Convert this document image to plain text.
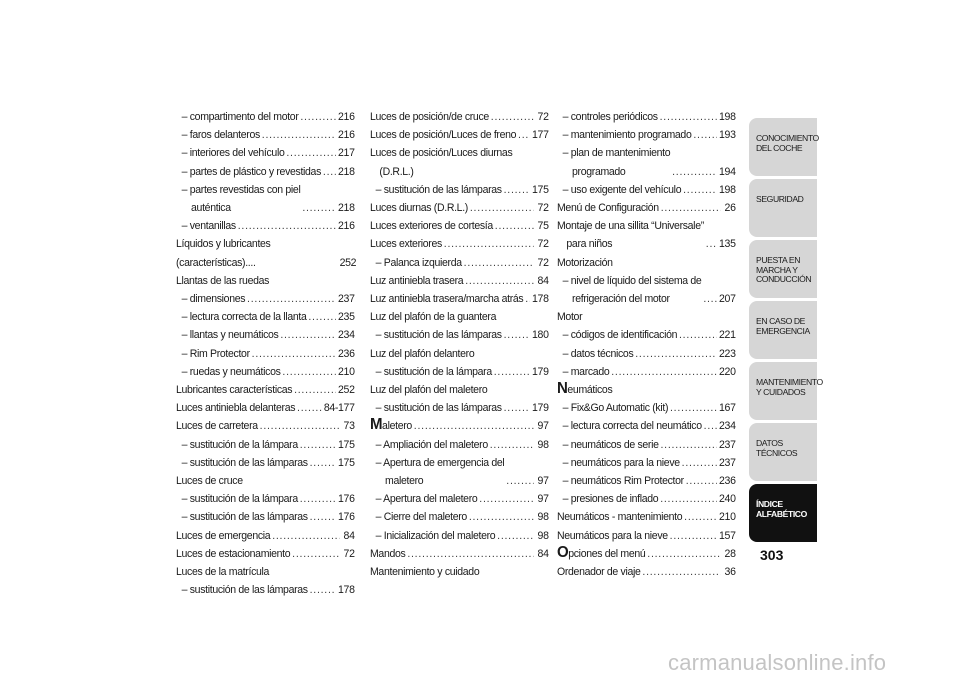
– compartimento del motor .....	216
– faros delanteros .....	216
– interiores del vehículo .....	217
– partes de plástico y revestidas ..... 218
– partes revestidas con piel
auténtica .....	218
– ventanillas .....	216
Líquidos y lubricantes (características)....	252
Llantas de las ruedas
– dimensiones .....	237
– lectura correcta de la llanta .....	235
– llantas y neumáticos .....	234
– Rim Protector .....	236
– ruedas y neumáticos .....	210
Lubricantes características .....	252
Luces antiniebla delanteras .....	84-177
Luces de carretera .....	73
– sustitución de la lámpara .....	175
– sustitución de las lámparas .....	175
Luces de cruce
– sustitución de la lámpara .....	176
– sustitución de las lámparas .....	176
Luces de emergencia .....	84
Luces de estacionamiento .....	72
Luces de la matrícula
– sustitución de las lámparas .....	178
Luces de posición/de cruce .....	72
Luces de posición/Luces de freno ..... 177
Luces de posición/Luces diurnas
(D.R.L.)
– sustitución de las lámparas .....	175
Luces diurnas (D.R.L.) .....	72
Luces exteriores de cortesía .....	75
Luces exteriores .....	72
– Palanca izquierda .....	72
Luz antiniebla trasera .....	84
Luz antiniebla trasera/marcha atrás ..... 178
Luz del plafón de la guantera
– sustitución de las lámparas .....	180
Luz del plafón delantero
– sustitución de la lámpara .....	179
Luz del plafón del maletero
– sustitución de las lámparas .....	179
Maletero .....	97
– Ampliación del maletero .....	98
– Apertura de emergencia del
maletero .....	97
– Apertura del maletero .....	97
– Cierre del maletero .....	98
– Inicialización del maletero .....	98
Mandos .....	84
Mantenimiento y cuidado
– controles periódicos .....	198
– mantenimiento programado ..... 193
– plan de mantenimiento
programado .....	194
– uso exigente del vehículo .....	198
Menú de Configuración .....	26
Montaje de una sillita “Universale”
para niños .....	135
Motorización
– nivel de líquido del sistema de
refrigeración del motor .....	207
Motor
– códigos de identificación .....	221
– datos técnicos .....	223
– marcado .....	220
Neumáticos
– Fix&Go Automatic (kit) .....	167
– lectura correcta del neumático ..... 234
– neumáticos de serie .....	237
– neumáticos para la nieve .....	237
– neumáticos Rim Protector .....	236
– presiones de inflado .....	240
Neumáticos - mantenimiento .....	210
Neumáticos para la nieve .....	157
Opciones del menú .....	28
Ordenador de viaje .....	36
CONOCIMIENTO DEL COCHE
SEGURIDAD
PUESTA EN MARCHA Y CONDUCCIÓN
EN CASO DE EMERGENCIA
MANTENIMIENTO Y CUIDADOS
DATOS TÉCNICOS
ÍNDICE ALFABÉTICO
303
carmanualsonline.info
